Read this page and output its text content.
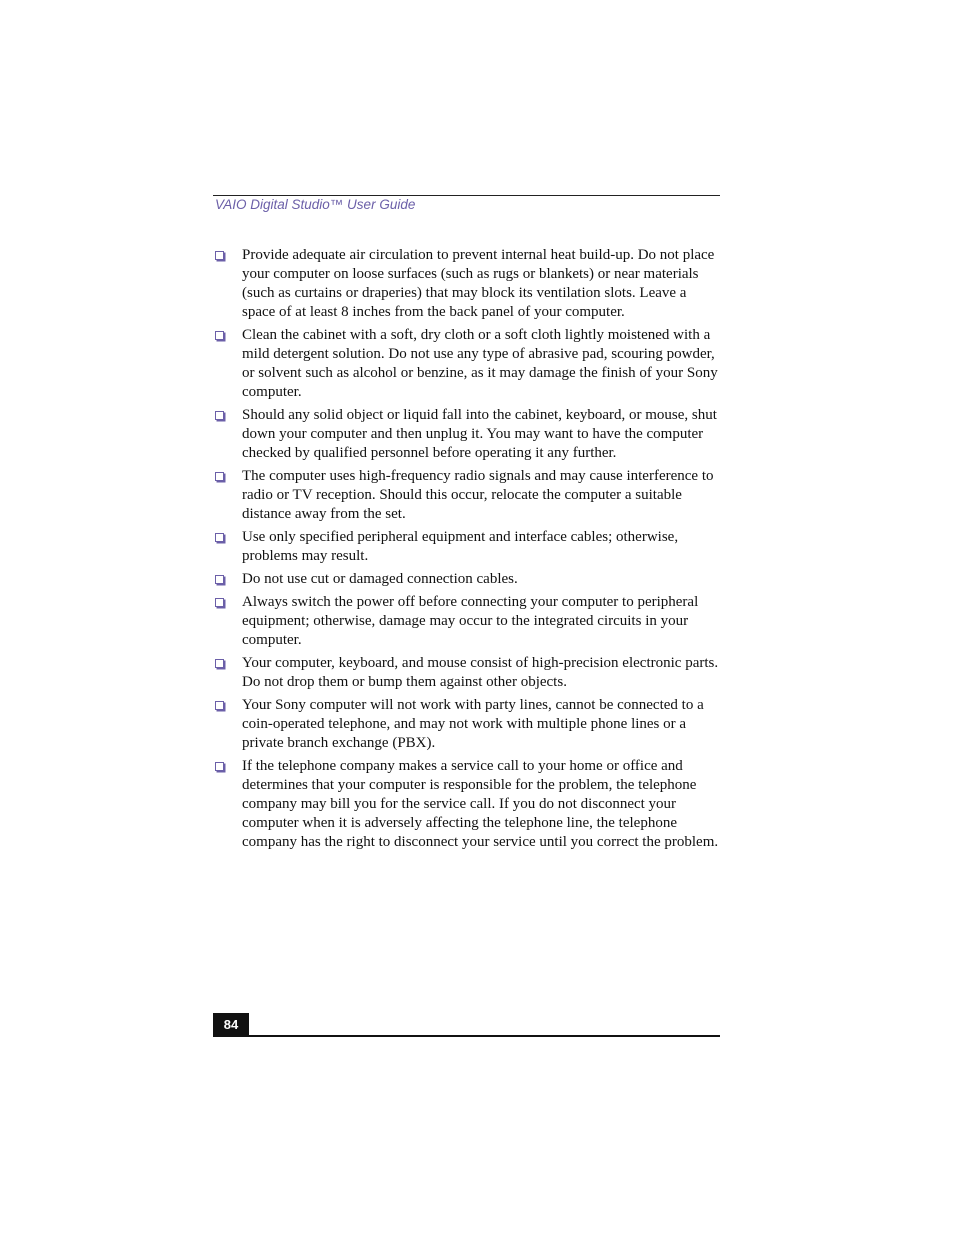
VAIO Digital Studio™ User Guide
Provide adequate air circulation to prevent internal heat build-up. Do not place your computer on loose surfaces (such as rugs or blankets) or near materials (such as curtains or draperies) that may block its ventilation slots. Leave a space of at least 8 inches from the back panel of your computer.
Clean the cabinet with a soft, dry cloth or a soft cloth lightly moistened with a mild detergent solution. Do not use any type of abrasive pad, scouring powder, or solvent such as alcohol or benzine, as it may damage the finish of your Sony computer.
Should any solid object or liquid fall into the cabinet, keyboard, or mouse, shut down your computer and then unplug it. You may want to have the computer checked by qualified personnel before operating it any further.
The computer uses high-frequency radio signals and may cause interference to radio or TV reception. Should this occur, relocate the computer a suitable distance away from the set.
Use only specified peripheral equipment and interface cables; otherwise, problems may result.
Do not use cut or damaged connection cables.
Always switch the power off before connecting your computer to peripheral equipment; otherwise, damage may occur to the integrated circuits in your computer.
Your computer, keyboard, and mouse consist of high-precision electronic parts. Do not drop them or bump them against other objects.
Your Sony computer will not work with party lines, cannot be connected to a coin-operated telephone, and may not work with multiple phone lines or a private branch exchange (PBX).
If the telephone company makes a service call to your home or office and determines that your computer is responsible for the problem, the telephone company may bill you for the service call. If you do not disconnect your computer when it is adversely affecting the telephone line, the telephone company has the right to disconnect your service until you correct the problem.
84
